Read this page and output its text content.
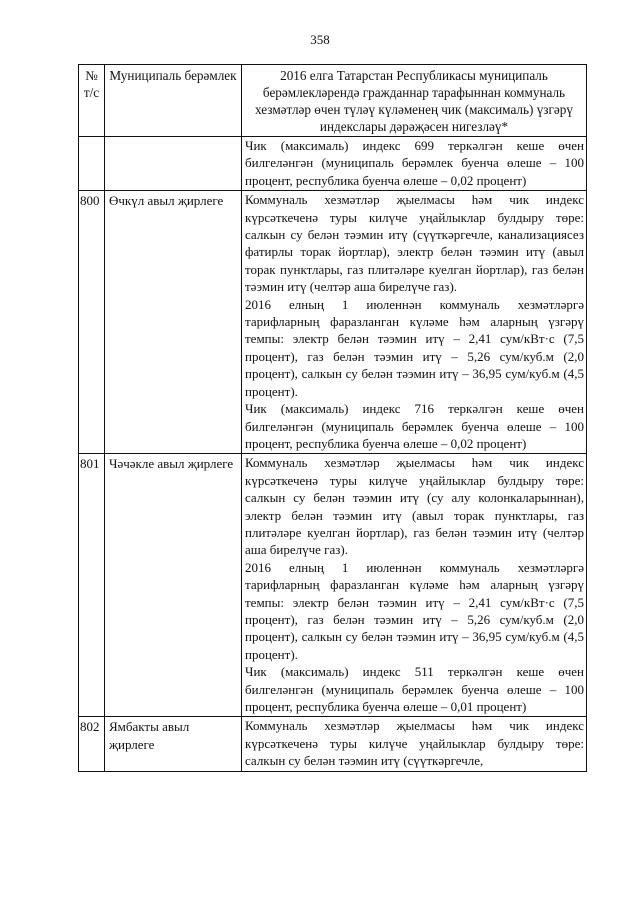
358
№ т/с	Муниципаль берәмлек	2016 елга Татарстан Республикасы муниципаль берәмлекләрендә гражданнар тарафыннан коммуналь хезмәтләр өчен түләү күләменең чик (максималь) үзгәрү индекслары дәрәҗәсен нигезләү*

		Чик (максималь) индекс 699 теркәлгән кеше өчен билгеләнгән (муниципаль берәмлек буенча өлеше – 100 процент, республика буенча өлеше – 0,02 процент)

800	Өчкүл авыл җирлеге	Коммуналь хезмәтләр җыелмасы һәм чик индекс күрсәткеченә туры килүче уңайлыклар булдыру төре: салкын су белән тәэмин итү (сүүткәргечле, канализациясез фатирлы торак йортлар), электр белән тәэмин итү (авыл торак пунктлары, газ плитәләре куелган йортлар), газ белән тәэмин итү (челтәр аша бирелүче газ).
2016 елның 1 июленнән коммуналь хезмәтләргә тарифларның фаразланган күләме һәм аларның үзгәрү темпы: электр белән тәэмин итү – 2,41 сум/кВт·с (7,5 процент), газ белән тәэмин итү – 5,26 сум/куб.м (2,0 процент), салкын су белән тәэмин итү – 36,95 сум/куб.м (4,5 процент).
Чик (максималь) индекс 716 теркәлгән кеше өчен билгеләнгән (муниципаль берәмлек буенча өлеше – 100 процент, республика буенча өлеше – 0,02 процент)

801	Чәчәкле авыл җирлеге	Коммуналь хезмәтләр җыелмасы һәм чик индекс күрсәткеченә туры килүче уңайлыклар булдыру төре: салкын су белән тәэмин итү (су алу колонкаларыннан), электр белән тәэмин итү (авыл торак пунктлары, газ плитәләре куелган йортлар), газ белән тәэмин итү (челтәр аша бирелүче газ).
2016 елның 1 июленнән коммуналь хезмәтләргә тарифларның фаразланган күләме һәм аларның үзгәрү темпы: электр белән тәэмин итү – 2,41 сум/кВт·с (7,5 процент), газ белән тәэмин итү – 5,26 сум/куб.м (2,0 процент), салкын су белән тәэмин итү – 36,95 сум/куб.м (4,5 процент).
Чик (максималь) индекс 511 теркәлгән кеше өчен билгеләнгән (муниципаль берәмлек буенча өлеше – 100 процент, республика буенча өлеше – 0,01 процент)

802	Ямбакты авыл җирлеге	Коммуналь хезмәтләр җыелмасы һәм чик индекс күрсәткеченә туры килүче уңайлыклар булдыру төре: салкын су белән тәэмин итү (сүүткәргечле,
